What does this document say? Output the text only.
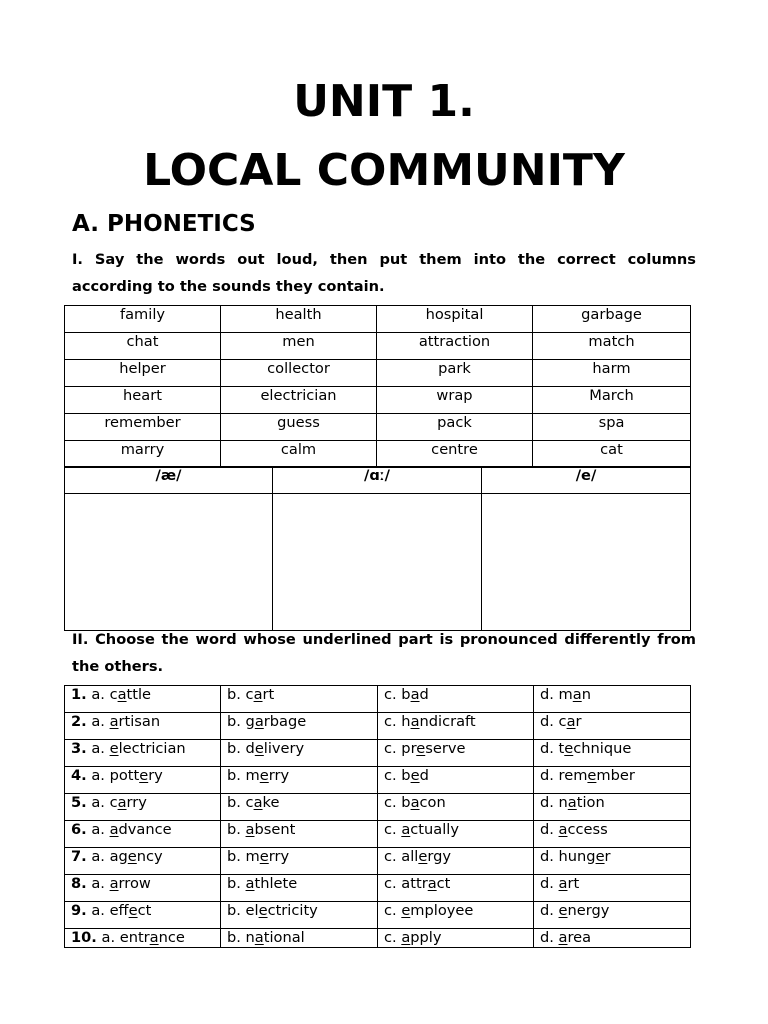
UNIT 1.
LOCAL COMMUNITY
A. PHONETICS
I. Say the words out loud, then put them into the correct columns according to the sounds they contain.
family	health	hospital	garbage
chat	men	attraction	match
helper	collector	park	harm
heart	electrician	wrap	March
remember	guess	pack	spa
marry	calm	centre	cat
/æ/	/ɑː/	/e/

II. Choose the word whose underlined part is pronounced differently from the others.
1. a. cattle	b. cart	c. bad	d. man
2. a. artisan	b. garbage	c. handicraft	d. car
3. a. electrician	b. delivery	c. preserve	d. technique
4. a. pottery	b. merry	c. bed	d. remember
5. a. carry	b. cake	c. bacon	d. nation
6. a. advance	b. absent	c. actually	d. access
7. a. agency	b. merry	c. allergy	d. hunger
8. a. arrow	b. athlete	c. attract	d. art
9. a. effect	b. electricity	c. employee	d. energy
10. a. entrance	b. national	c. apply	d. area
